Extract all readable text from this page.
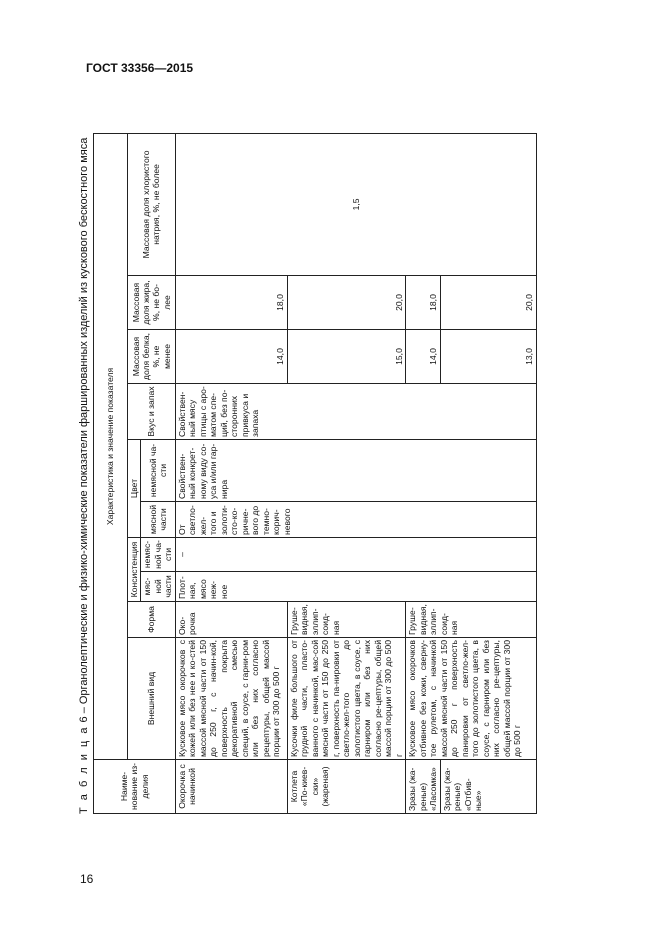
ГОСТ 33356—2015
Т а б л и ц а 6 – Органолептические и физико-химические показатели фаршированных изделий из кускового бескостного мяса
Наиме-нование из-делия	Характеристика и значение показателя									
	Внешний вид	Форма	Консистенция		Цвет		Вкус и запах	Массовая доля белка, %, не менее	Массовая доля жира, %, не бо-лее	Массовая доля хлористого натрия, %, не более
			мяс-ной части	немяс-ной ча-сти	мясной части	немясной ча-сти				
Окорочка с начинкой	Кусковое мясо окорочков с кожей или без нее и ко-стей массой мясной части от 150 до 250 г, с начин-кой, поверхность покрыта декоративной смесью специй, в соусе, с гарни-ром или без них согласно рецептуры, общей массой порции от 300 до 500 г	Око-рочка	Плот-ная, мясо неж-ное	–	От светло-жел-того и золоти-сто-ко-ричне-вого до темно-корич-невого	Свойствен-ный конкрет-ному виду со-уса и/или гар-нира	Свойствен-ный мясу птицы с аро-матом спе-ций, без по-сторонних привкуса и запаха	14,0	18,0	1,5
Котлета «По-киев-ски» (жареная)	Кусочки филе большого от грудной части, пласто-ванного с начинкой, мас-сой мясной части от 150 до 250 г, поверхность па-нировки от светло-жел-того до золотистого цвета, в соусе, с гарниром или без них согласно ре-цептуры, общей массой порции от 300 до 500 г	Груше-видная, эллип-соид-ная						15,0	20,0	
Зразы (жа-реные) «Ласомка»	Кусковое мясо окорочков отбивное без кожи, сверну-тое рулетом, с начинкой массой мясной части от 150 до 250 г поверхность панировки от светло-жел-того до золотистого цвета, в соусе, с гарниром или без них согласно ре-цептуры, общей массой порции от 300 до 500 г	Груше-видная, эллип-соид-ная						14,0	18,0	
Зразы (жа-реные) «Отбив-ные»								13,0	20,0	
16
